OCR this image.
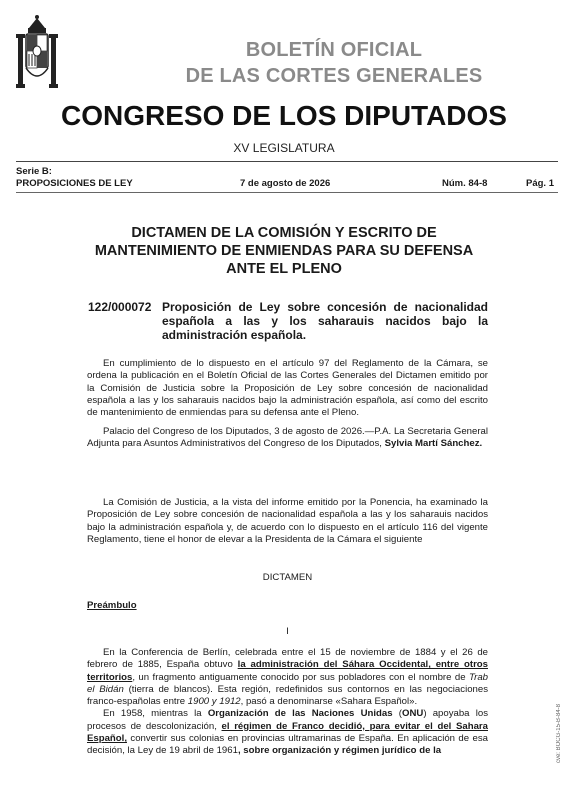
BOLETÍN OFICIAL
DE LAS CORTES GENERALES
CONGRESO DE LOS DIPUTADOS
XV LEGISLATURA
Serie B:
PROPOSICIONES DE LEY	7 de agosto de 2026	Núm. 84-8	Pág. 1
DICTAMEN DE LA COMISIÓN Y ESCRITO DE
MANTENIMIENTO DE ENMIENDAS PARA SU DEFENSA
ANTE EL PLENO
122/000072 Proposición de Ley sobre concesión de nacionalidad española a las y los saharauis nacidos bajo la administración española.

En cumplimiento de lo dispuesto en el artículo 97 del Reglamento de la Cámara, se ordena la publicación en el Boletín Oficial de las Cortes Generales del Dictamen emitido por la Comisión de Justicia sobre la Proposición de Ley sobre concesión de nacionalidad española a las y los saharauis nacidos bajo la administración española, así como del escrito de mantenimiento de enmiendas para su defensa ante el Pleno.

Palacio del Congreso de los Diputados, 3 de agosto de 2026.—P.A. La Secretaria General Adjunta para Asuntos Administrativos del Congreso de los Diputados, Sylvia Martí Sánchez.

La Comisión de Justicia, a la vista del informe emitido por la Ponencia, ha examinado la Proposición de Ley sobre concesión de nacionalidad española a las y los saharauis nacidos bajo la administración española y, de acuerdo con lo dispuesto en el artículo 116 del vigente Reglamento, tiene el honor de elevar a la Presidenta de la Cámara el siguiente

DICTAMEN
Preámbulo
I

En la Conferencia de Berlín, celebrada entre el 15 de noviembre de 1884 y el 26 de febrero de 1885, España obtuvo la administración del Sáhara Occidental, entre otros territorios, un fragmento antiguamente conocido por sus pobladores con el nombre de Trab el Bidán (tierra de blancos). Esta región, redefinidos sus contornos en las negociaciones franco-españolas entre 1900 y 1912, pasó a denominarse «Sahara Español».

En 1958, mientras la Organización de las Naciones Unidas (ONU) apoyaba los procesos de descolonización, el régimen de Franco decidió, para evitar el del Sahara Español, convertir sus colonias en provincias ultramarinas de España. En aplicación de esa decisión, la Ley de 19 abril de 1961, sobre organización y régimen jurídico de la	cve: BOCG-15-B-84-8
